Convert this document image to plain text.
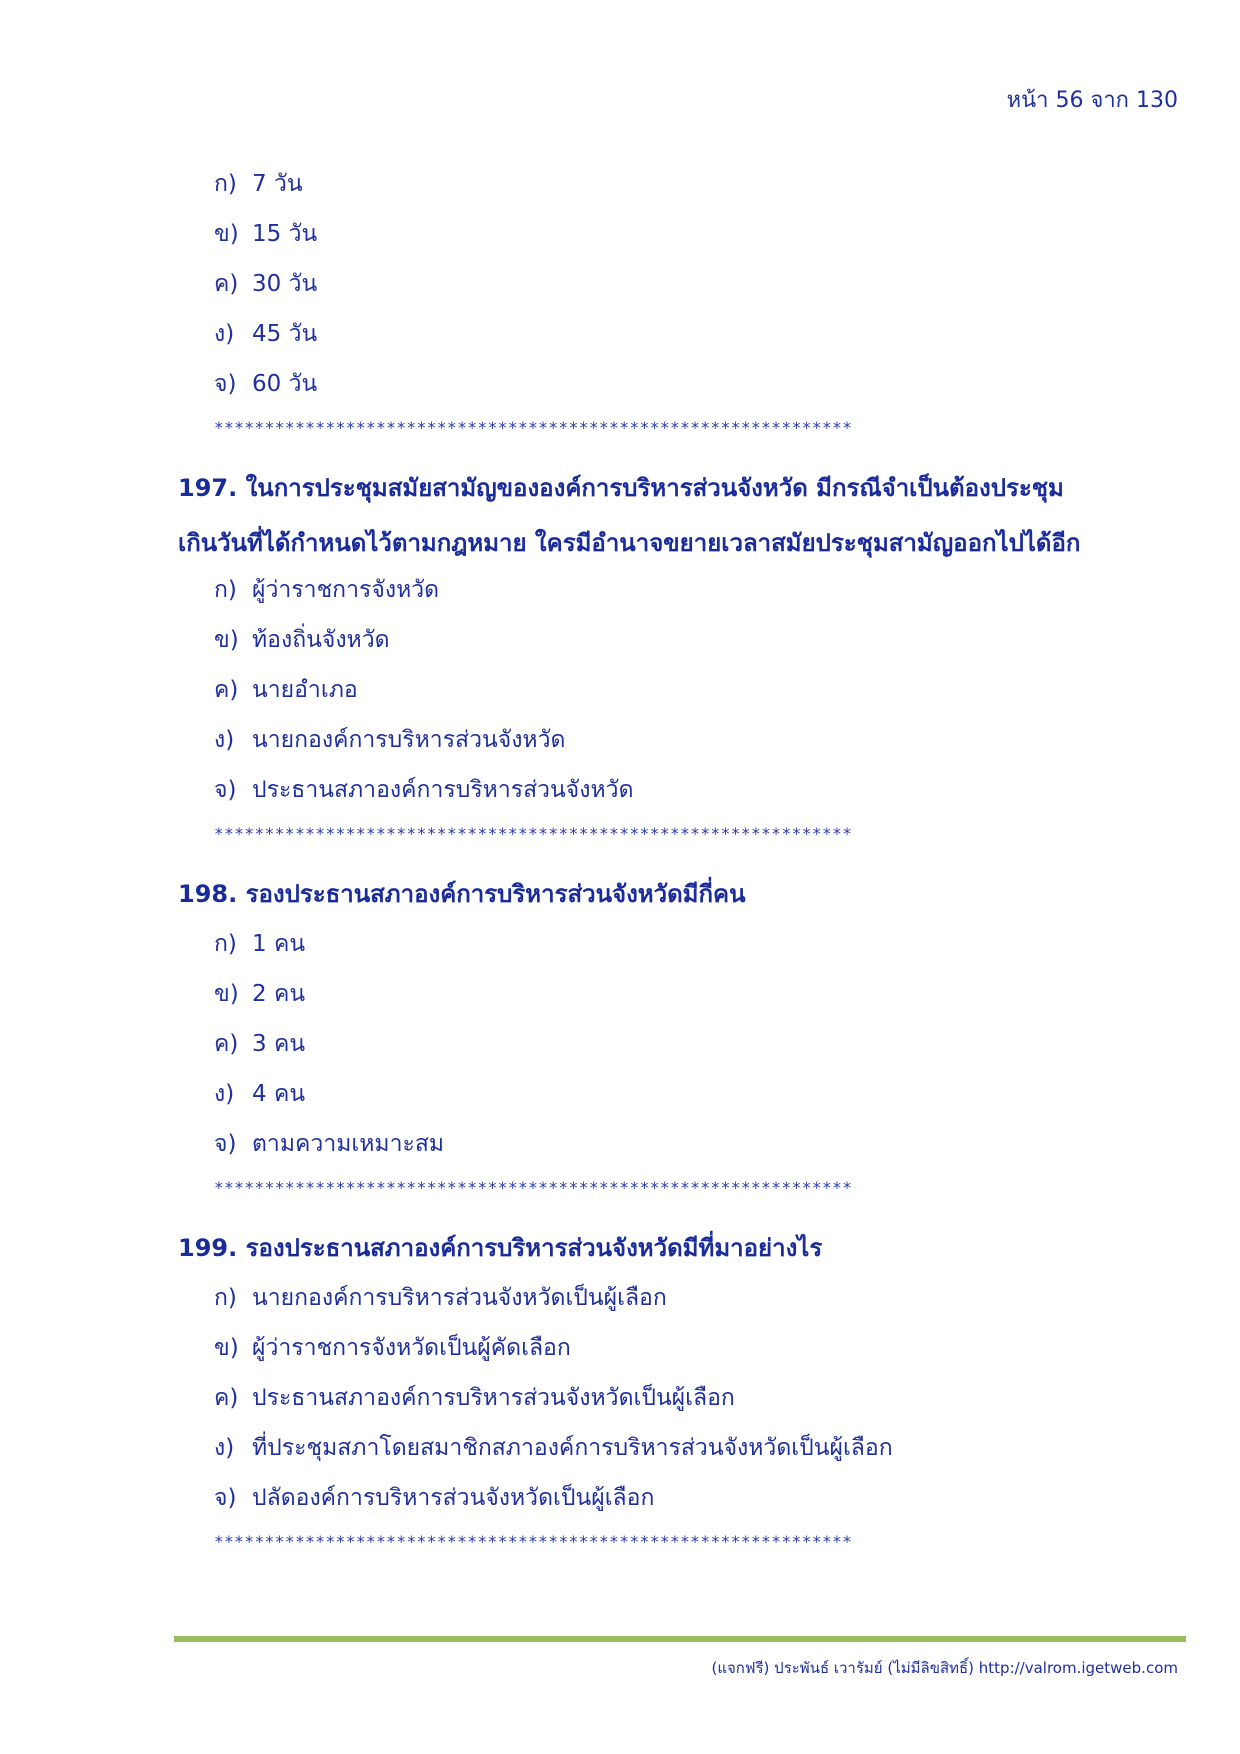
หน้า 56 จาก 130
ก) 7 วัน
ข) 15 วัน
ค) 30 วัน
ง) 45 วัน
จ) 60 วัน
***************************************************************
197. ในการประชุมสมัยสามัญขององค์การบริหารส่วนจังหวัด มีกรณีจำเป็นต้องประชุม
เกินวันที่ได้กำหนดไว้ตามกฎหมาย ใครมีอำนาจขยายเวลาสมัยประชุมสามัญออกไปได้อีก
ก) ผู้ว่าราชการจังหวัด
ข) ท้องถิ่นจังหวัด
ค) นายอำเภอ
ง) นายกองค์การบริหารส่วนจังหวัด
จ) ประธานสภาองค์การบริหารส่วนจังหวัด
***************************************************************
198. รองประธานสภาองค์การบริหารส่วนจังหวัดมีกี่คน
ก) 1 คน
ข) 2 คน
ค) 3 คน
ง) 4 คน
จ) ตามความเหมาะสม
***************************************************************
199. รองประธานสภาองค์การบริหารส่วนจังหวัดมีที่มาอย่างไร
ก) นายกองค์การบริหารส่วนจังหวัดเป็นผู้เลือก
ข) ผู้ว่าราชการจังหวัดเป็นผู้คัดเลือก
ค) ประธานสภาองค์การบริหารส่วนจังหวัดเป็นผู้เลือก
ง) ที่ประชุมสภาโดยสมาชิกสภาองค์การบริหารส่วนจังหวัดเป็นผู้เลือก
จ) ปลัดองค์การบริหารส่วนจังหวัดเป็นผู้เลือก
***************************************************************
(แจกฟรี) ประพันธ์ เวารัมย์ (ไม่มีลิขสิทธิ์) http://valrom.igetweb.com
